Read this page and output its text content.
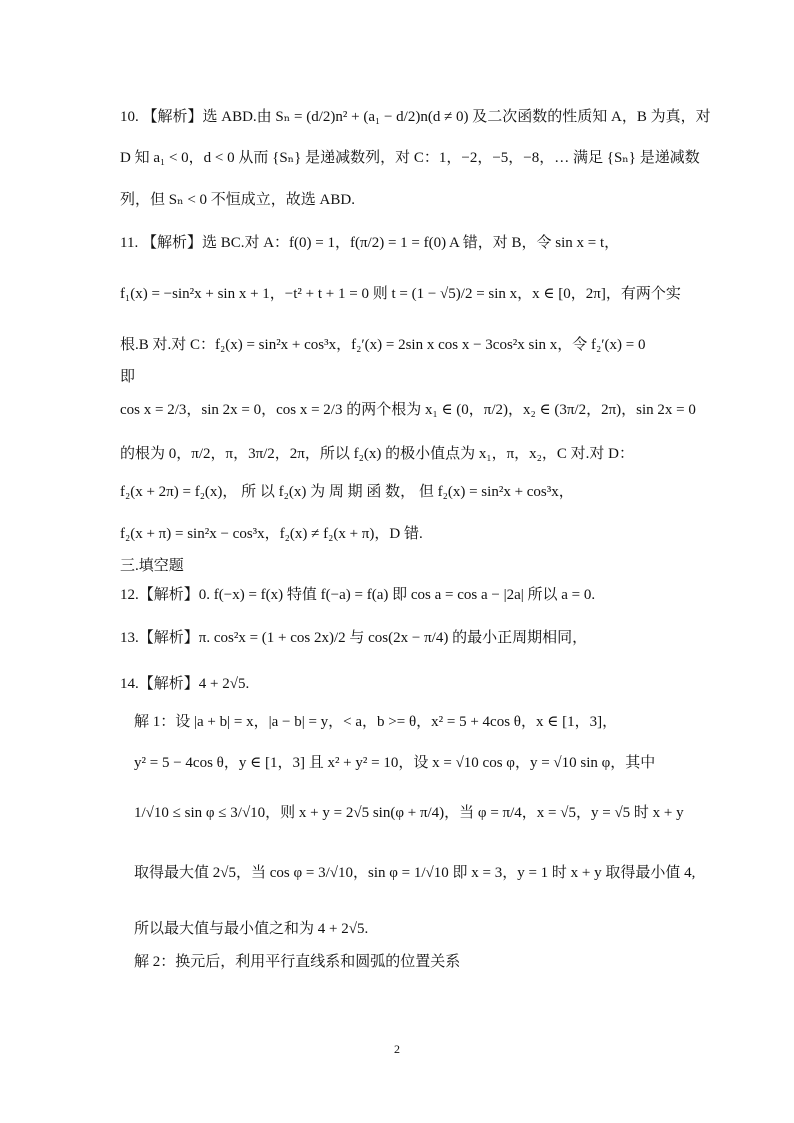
10. 【解析】选 ABD.由 Sₙ = (d/2)n² + (a₁ − d/2)n(d ≠ 0) 及二次函数的性质知 A，B 为真，对
D 知 a₁ < 0，d < 0 从而 {Sₙ} 是递减数列，对 C：1，−2，−5，−8，… 满足 {Sₙ} 是递减数
列，但 Sₙ < 0 不恒成立，故选 ABD.
11. 【解析】选 BC.对 A：f(0) = 1，f(π/2) = 1 = f(0) A 错，对 B，令 sin x = t，
f₁(x) = −sin²x + sin x + 1，−t² + t + 1 = 0 则 t = (1 − √5)/2 = sin x，x ∈ [0，2π]，有两个实
根.B 对.对 C：f₂(x) = sin²x + cos³x，f₂′(x) = 2sin x cos x − 3cos²x sin x，令 f₂′(x) = 0
即
cos x = 2/3，sin 2x = 0，cos x = 2/3 的两个根为 x₁ ∈ (0，π/2)，x₂ ∈ (3π/2，2π)，sin 2x = 0
的根为 0，π/2，π，3π/2，2π，所以 f₂(x) 的极小值点为 x₁，π，x₂，C 对.对 D：
f₂(x + 2π) = f₂(x)， 所 以 f₂(x) 为 周 期 函 数， 但 f₂(x) = sin²x + cos³x，
f₂(x + π) = sin²x − cos³x，f₂(x) ≠ f₂(x + π)，D 错.
三.填空题
12.【解析】0. f(−x) = f(x) 特值 f(−a) = f(a) 即 cos a = cos a − |2a| 所以 a = 0.
13.【解析】π. cos²x = (1 + cos 2x)/2 与 cos(2x − π/4) 的最小正周期相同，
14.【解析】4 + 2√5.
解 1：设 |a + b| = x，|a − b| = y，< a，b >= θ，x² = 5 + 4cos θ，x ∈ [1，3]，
y² = 5 − 4cos θ，y ∈ [1，3] 且 x² + y² = 10，设 x = √10 cos φ，y = √10 sin φ，其中
1/√10 ≤ sin φ ≤ 3/√10，则 x + y = 2√5 sin(φ + π/4)，当 φ = π/4，x = √5，y = √5 时 x + y
取得最大值 2√5，当 cos φ = 3/√10，sin φ = 1/√10 即 x = 3，y = 1 时 x + y 取得最小值 4,
所以最大值与最小值之和为 4 + 2√5.
解 2：换元后，利用平行直线系和圆弧的位置关系
2
